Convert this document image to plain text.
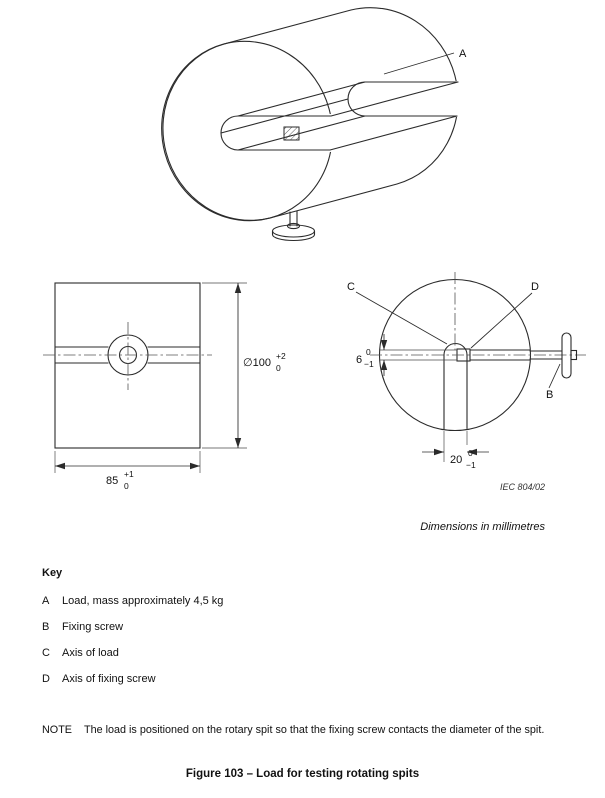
A
∅100
+2
0
85
+1
0
C	D
B
6
0
−1
20
0
−1
IEC 804/02
Dimensions in millimetres
Key
A Load, mass approximately 4,5 kg
B Fixing screw
C Axis of load
D Axis of fixing screw
NOTE The load is positioned on the rotary spit so that the fixing screw contacts the diameter of the spit.
Figure 103 – Load for testing rotating spits
